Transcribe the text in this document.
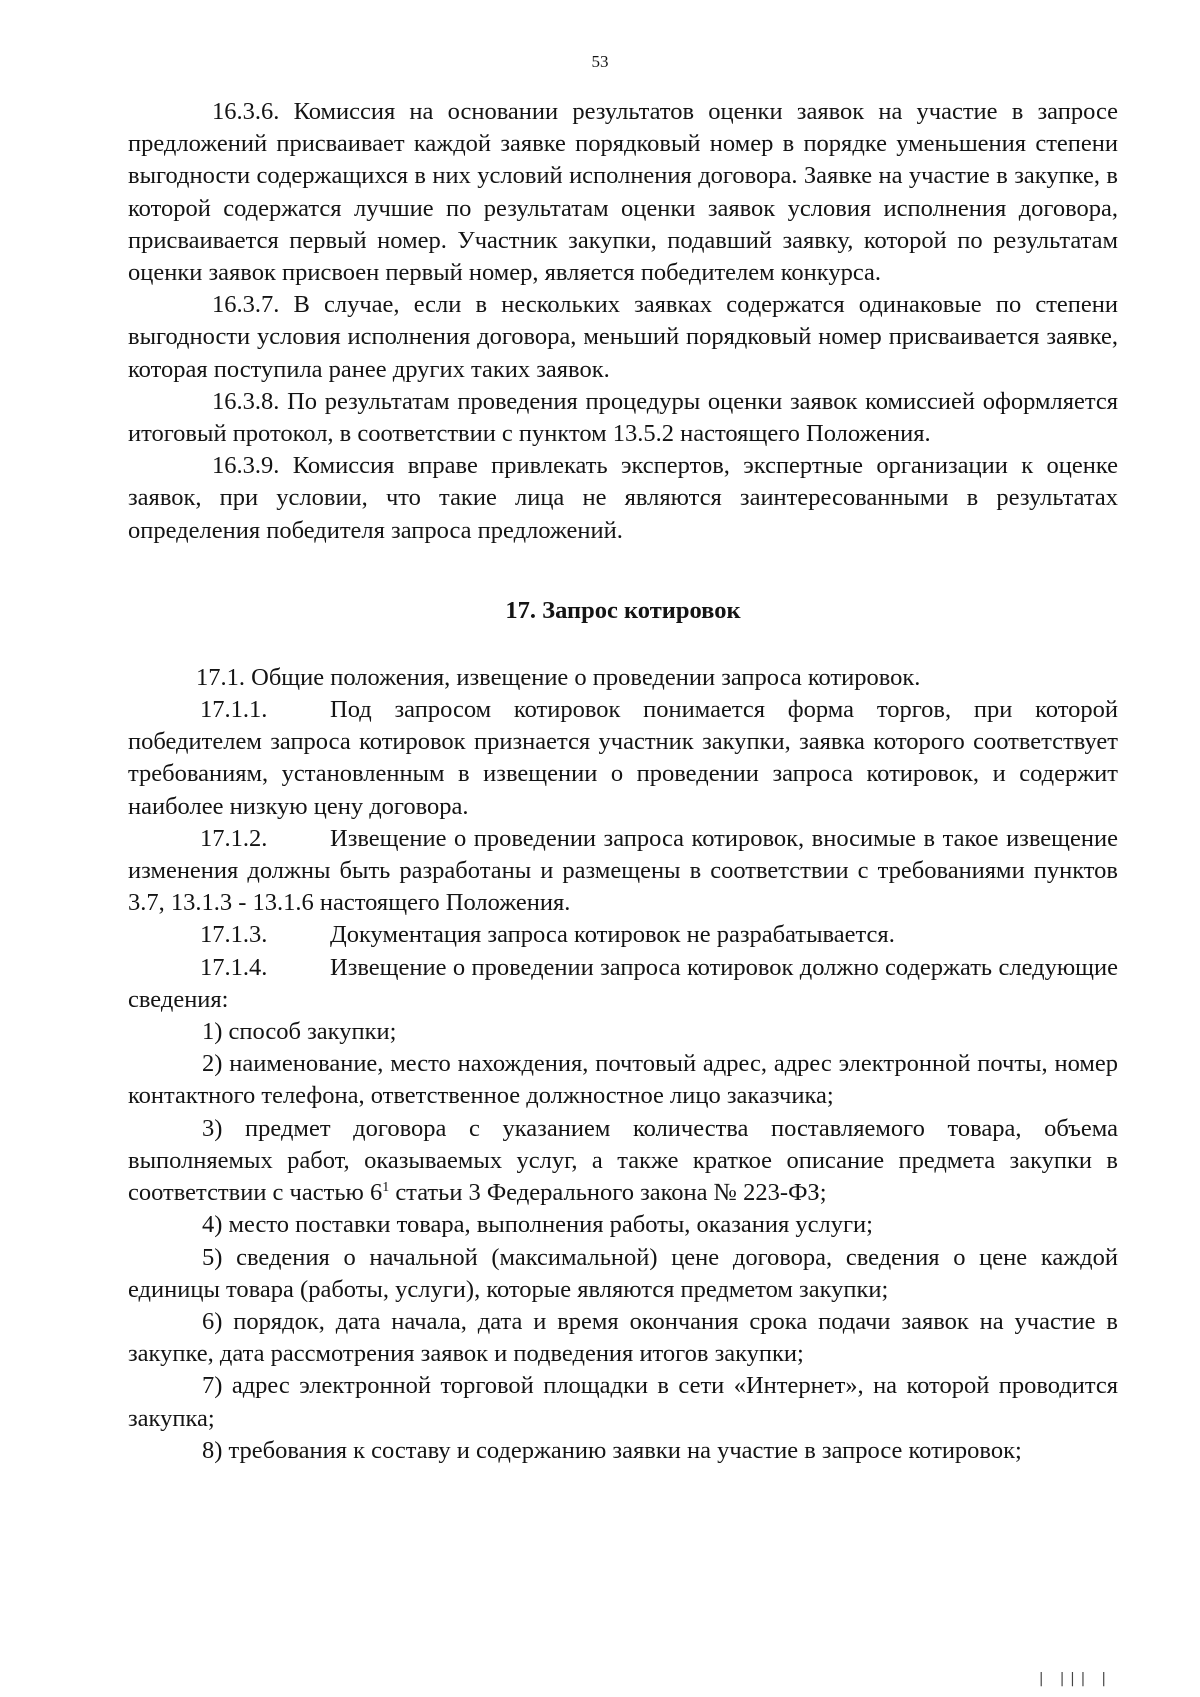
53

16.3.6. Комиссия на основании результатов оценки заявок на участие в запросе предложений присваивает каждой заявке порядковый номер в порядке уменьшения степени выгодности содержащихся в них условий исполнения договора. Заявке на участие в закупке, в которой содержатся лучшие по результатам оценки заявок условия исполнения договора, присваивается первый номер. Участник закупки, подавший заявку, которой по результатам оценки заявок присвоен первый номер, является победителем конкурса.

16.3.7. В случае, если в нескольких заявках содержатся одинаковые по степени выгодности условия исполнения договора, меньший порядковый номер присваивается заявке, которая поступила ранее других таких заявок.

16.3.8. По результатам проведения процедуры оценки заявок комиссией оформляется итоговый протокол, в соответствии с пунктом 13.5.2 настоящего Положения.

16.3.9. Комиссия вправе привлекать экспертов, экспертные организации к оценке заявок, при условии, что такие лица не являются заинтересованными в результатах определения победителя запроса предложений.

17. Запрос котировок

17.1. Общие положения, извещение о проведении запроса котировок.

17.1.1.	Под запросом котировок понимается форма торгов, при которой победителем запроса котировок признается участник закупки, заявка которого соответствует требованиям, установленным в извещении о проведении запроса котировок, и содержит наиболее низкую цену договора.

17.1.2.	Извещение о проведении запроса котировок, вносимые в такое извещение изменения должны быть разработаны и размещены в соответствии с требованиями пунктов 3.7, 13.1.3 - 13.1.6 настоящего Положения.

17.1.3.	Документация запроса котировок не разрабатывается.

17.1.4.	Извещение о проведении запроса котировок должно содержать следующие сведения:

1) способ закупки;

2) наименование, место нахождения, почтовый адрес, адрес электронной почты, номер контактного телефона, ответственное должностное лицо заказчика;

3) предмет договора с указанием количества поставляемого товара, объема выполняемых работ, оказываемых услуг, а также краткое описание предмета закупки в соответствии с частью $6^1$ статьи 3 Федерального закона № 223-ФЗ;

4) место поставки товара, выполнения работы, оказания услуги;

5) сведения о начальной (максимальной) цене договора, сведения о цене каждой единицы товара (работы, услуги), которые являются предметом закупки;

6) порядок, дата начала, дата и время окончания срока подачи заявок на участие в закупке, дата рассмотрения заявок и подведения итогов закупки;

7) адрес электронной торговой площадки в сети «Интернет», на которой проводится закупка;

8) требования к составу и содержанию заявки на участие в запросе котировок;

| ||| |
